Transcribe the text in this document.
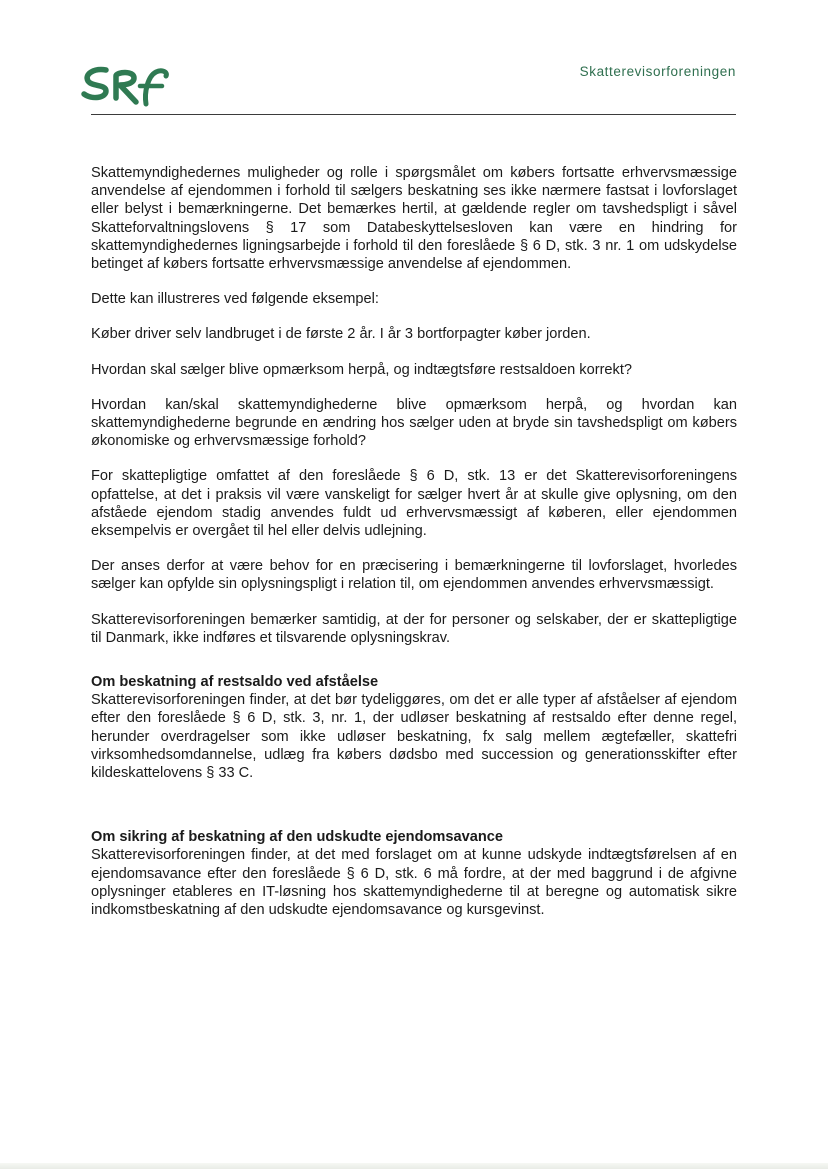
Skatterevisorforeningen

Skattemyndighedernes muligheder og rolle i spørgsmålet om købers fortsatte erhvervsmæssige anvendelse af ejendommen i forhold til sælgers beskatning ses ikke nærmere fastsat i lovforslaget eller belyst i bemærkningerne. Det bemærkes hertil, at gældende regler om tavshedspligt i såvel Skatteforvaltningslovens § 17 som Databeskyttelsesloven kan være en hindring for skattemyndighedernes ligningsarbejde i forhold til den foreslåede § 6 D, stk. 3 nr. 1 om udskydelse betinget af købers fortsatte erhvervsmæssige anvendelse af ejendommen.

Dette kan illustreres ved følgende eksempel:

Køber driver selv landbruget i de første 2 år. I år 3 bortforpagter køber jorden.

Hvordan skal sælger blive opmærksom herpå, og indtægtsføre restsaldoen korrekt?

Hvordan kan/skal skattemyndighederne blive opmærksom herpå, og hvordan kan skattemyndighederne begrunde en ændring hos sælger uden at bryde sin tavshedspligt om købers økonomiske og erhvervsmæssige forhold?

For skattepligtige omfattet af den foreslåede § 6 D, stk. 13 er det Skatterevisorforeningens opfattelse, at det i praksis vil være vanskeligt for sælger hvert år at skulle give oplysning, om den afståede ejendom stadig anvendes fuldt ud erhvervsmæssigt af køberen, eller ejendommen eksempelvis er overgået til hel eller delvis udlejning.

Der anses derfor at være behov for en præcisering i bemærkningerne til lovforslaget, hvorledes sælger kan opfylde sin oplysningspligt i relation til, om ejendommen anvendes erhvervsmæssigt.

Skatterevisorforeningen bemærker samtidig, at der for personer og selskaber, der er skattepligtige til Danmark, ikke indføres et tilsvarende oplysningskrav.

Om beskatning af restsaldo ved afståelse

Skatterevisorforeningen finder, at det bør tydeliggøres, om det er alle typer af afståelser af ejendom efter den foreslåede § 6 D, stk. 3, nr. 1, der udløser beskatning af restsaldo efter denne regel, herunder overdragelser som ikke udløser beskatning, fx salg mellem ægtefæller, skattefri virksomhedsomdannelse, udlæg fra købers dødsbo med succession og generationsskifter efter kildeskattelovens § 33 C.

Om sikring af beskatning af den udskudte ejendomsavance

Skatterevisorforeningen finder, at det med forslaget om at kunne udskyde indtægtsførelsen af en ejendomsavance efter den foreslåede § 6 D, stk. 6 må fordre, at der med baggrund i de afgivne oplysninger etableres en IT-løsning hos skattemyndighederne til at beregne og automatisk sikre indkomstbeskatning af den udskudte ejendomsavance og kursgevinst.
